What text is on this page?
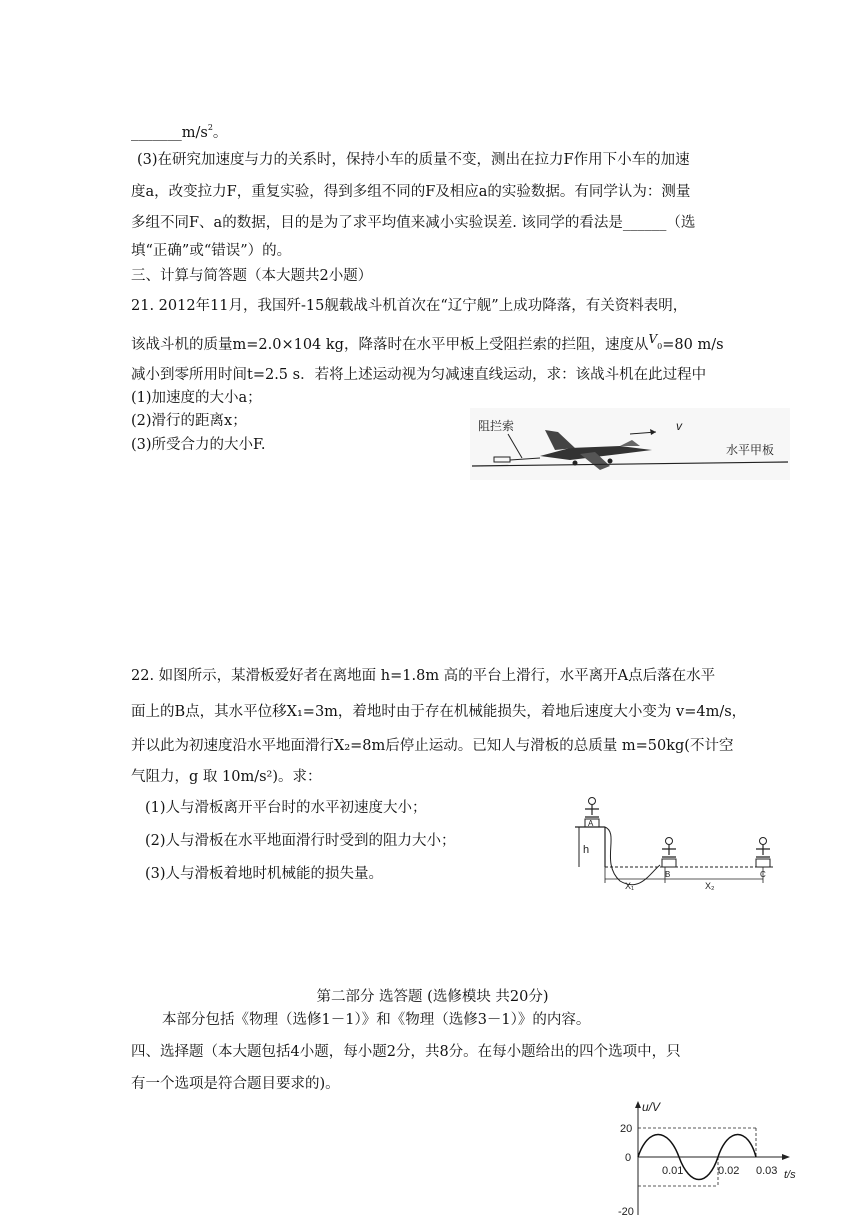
$\_\_\_\_\_\_\_m/s^2$。
(3)在研究加速度与力的关系时，保持小车的质量不变，测出在拉力F作用下小车的加速
度a，改变拉力F，重复实验，得到多组不同的F及相应a的实验数据。有同学认为：测量
多组不同F、a的数据，目的是为了求平均值来减小实验误差. 该同学的看法是______（选
填“正确”或“错误”）的。
三、计算与简答题（本大题共2小题）
21. 2012年11月，我国歼-15舰载战斗机首次在“辽宁舰”上成功降落，有关资料表明，
该战斗机的质量m=2.0×104 kg，降落时在水平甲板上受阻拦索的拦阻，速度从$^V_0$=80 m/s
减小到零所用时间t=2.5 s．若将上述运动视为匀减速直线运动，求：该战斗机在此过程中
(1)加速度的大小a；
(2)滑行的距离x；
(3)所受合力的大小F.
阻拦索	v
水平甲板
22. 如图所示，某滑板爱好者在离地面 h=1.8m 高的平台上滑行，水平离开A点后落在水平
面上的B点，其水平位移X₁=3m，着地时由于存在机械能损失，着地后速度大小变为 v=4m/s，
并以此为初速度沿水平地面滑行X₂=8m后停止运动。已知人与滑板的总质量 m=50kg(不计空
气阻力，g 取 10m/s²)。求：
(1)人与滑板离开平台时的水平初速度大小；
(2)人与滑板在水平地面滑行时受到的阻力大小；
(3)人与滑板着地时机械能的损失量。
h
A
X₁	X₂
B	C
第二部分 选答题 (选修模块 共20分)
本部分包括《物理（选修1－1）》和《物理（选修3－1）》的内容。
四、选择题（本大题包括4小题，每小题2分，共8分。在每小题给出的四个选项中，只
有一个选项是符合题目要求的)。
u/V
t/s
20
0
-20
0.01	0.02 0.03
